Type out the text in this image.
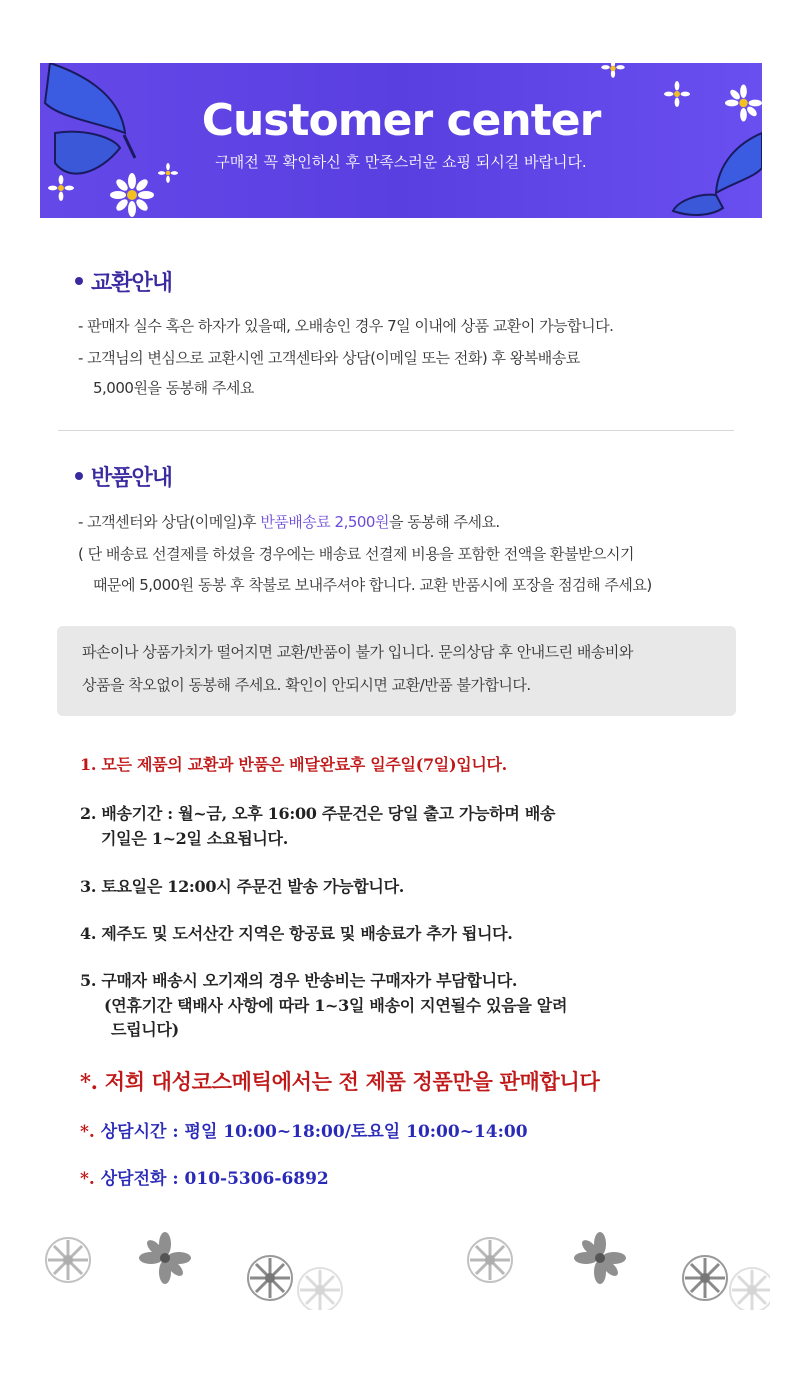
Customer center
구매전 꼭 확인하신 후 만족스러운 쇼핑 되시길 바랍니다.
교환안내
- 판매자 실수 혹은 하자가 있을때, 오배송인 경우 7일 이내에 상품 교환이 가능합니다.
- 고객님의 변심으로 교환시엔 고객센타와 상담(이메일 또는 전화) 후 왕복배송료
5,000원을 동봉해 주세요
반품안내
- 고객센터와 상담(이메일)후 반품배송료 2,500원을 동봉해 주세요.
( 단 배송료 선결제를 하셨을 경우에는 배송료 선결제 비용을 포함한 전액을 환불받으시기
때문에 5,000원 동봉 후 착불로 보내주셔야 합니다. 교환 반품시에 포장을 점검해 주세요)
파손이나 상품가치가 떨어지면 교환/반품이 불가 입니다. 문의상담 후 안내드린 배송비와
상품을 착오없이 동봉해 주세요. 확인이 안되시면 교환/반품 불가합니다.
1. 모든 제품의 교환과 반품은 배달완료후 일주일(7일)입니다.
2. 배송기간 : 월~금, 오후 16:00 주문건은 당일 출고 가능하며 배송
기일은 1~2일 소요됩니다.
3. 토요일은 12:00시 주문건 발송 가능합니다.
4. 제주도 및 도서산간 지역은 항공료 및 배송료가 추가 됩니다.
5. 구매자 배송시 오기재의 경우 반송비는 구매자가 부담합니다.
(연휴기간 택배사 사항에 따라 1~3일 배송이 지연될수 있음을 알려
드립니다)
*. 저희 대성코스메틱에서는 전 제품 정품만을 판매합니다
*. 상담시간 : 평일 10:00~18:00/토요일 10:00~14:00
*. 상담전화 : 010-5306-6892
